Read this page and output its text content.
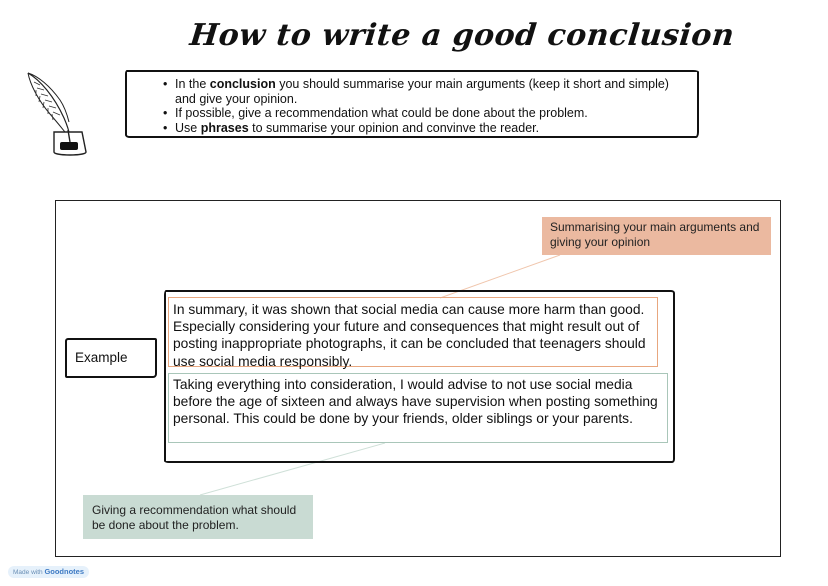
How to write a good conclusion
• In the conclusion you should summarise your main arguments (keep it short and simple) and give your opinion.
• If possible, give a recommendation what could be done about the problem.
• Use phrases to summarise your opinion and convinve the reader.
Summarising your main arguments and giving your opinion
Example
In summary, it was shown that social media can cause more harm than good. Especially considering your future and consequences that might result out of posting inappropriate photographs, it can be concluded that teenagers should use social media responsibly.
Taking everything into consideration, I would advise to not use social media before the age of sixteen and always have supervision when posting something personal. This could be done by your friends, older siblings or your parents.
Giving a recommendation what should be done about the problem.
Made with Goodnotes
